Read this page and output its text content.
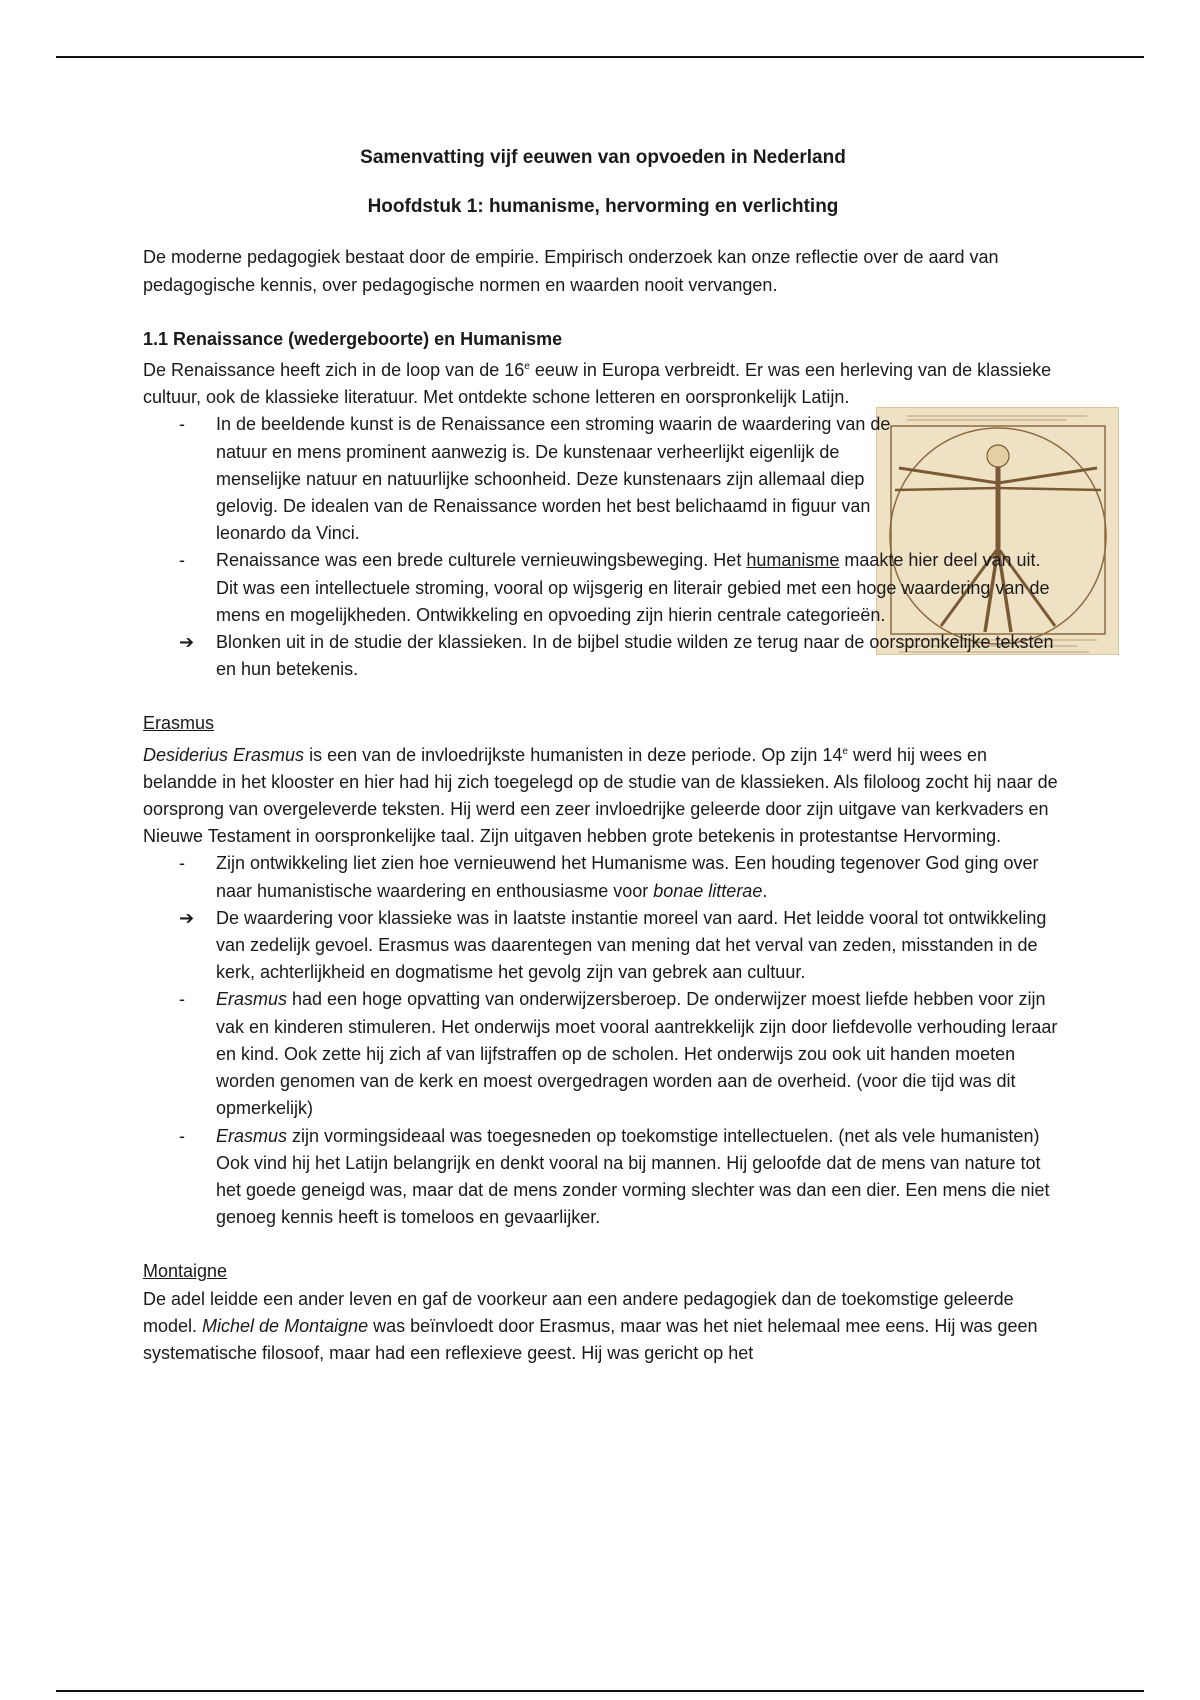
Samenvatting vijf eeuwen van opvoeden in Nederland

Hoofdstuk 1: humanisme, hervorming en verlichting

De moderne pedagogiek bestaat door de empirie. Empirisch onderzoek kan onze reflectie over de aard van pedagogische kennis, over pedagogische normen en waarden nooit vervangen.

1.1 Renaissance (wedergeboorte) en Humanisme

De Renaissance heeft zich in de loop van de 16e eeuw in Europa verbreidt. Er was een herleving van de klassieke cultuur, ook de klassieke literatuur. Met ontdekte schone letteren en oorspronkelijk Latijn.

-
In de beeldende kunst is de Renaissance een stroming waarin de waardering van de natuur en mens prominent aanwezig is. De kunstenaar verheerlijkt eigenlijk de menselijke natuur en natuurlijke schoonheid. Deze kunstenaars zijn allemaal diep gelovig. De idealen van de Renaissance worden het best belichaamd in figuur van leonardo da Vinci.
-
Renaissance was een brede culturele vernieuwingsbeweging. Het humanisme maakte hier deel van uit. Dit was een intellectuele stroming, vooral op wijsgerig en literair gebied met een hoge waardering van de mens en mogelijkheden. Ontwikkeling en opvoeding zijn hierin centrale categorieën.
➔	Blonken uit in de studie der klassieken. In de bijbel studie wilden ze terug naar de oorspronkelijke teksten en hun betekenis.

Erasmus

Desiderius Erasmus is een van de invloedrijkste humanisten in deze periode. Op zijn 14e werd hij wees en belandde in het klooster en hier had hij zich toegelegd op de studie van de klassieken. Als filoloog zocht hij naar de oorsprong van overgeleverde teksten. Hij werd een zeer invloedrijke geleerde door zijn uitgave van kerkvaders en Nieuwe Testament in oorspronkelijke taal. Zijn uitgaven hebben grote betekenis in protestantse Hervorming.

-
Zijn ontwikkeling liet zien hoe vernieuwend het Humanisme was. Een houding tegenover God ging over naar humanistische waardering en enthousiasme voor bonae litterae.
➔	De waardering voor klassieke was in laatste instantie moreel van aard. Het leidde vooral tot ontwikkeling van zedelijk gevoel. Erasmus was daarentegen van mening dat het verval van zeden, misstanden in de kerk, achterlijkheid en dogmatisme het gevolg zijn van gebrek aan cultuur.
-
Erasmus had een hoge opvatting van onderwijzersberoep. De onderwijzer moest liefde hebben voor zijn vak en kinderen stimuleren. Het onderwijs moet vooral aantrekkelijk zijn door liefdevolle verhouding leraar en kind. Ook zette hij zich af van lijfstraffen op de scholen. Het onderwijs zou ook uit handen moeten worden genomen van de kerk en moest overgedragen worden aan de overheid. (voor die tijd was dit opmerkelijk)
-
Erasmus zijn vormingsideaal was toegesneden op toekomstige intellectuelen. (net als vele humanisten) Ook vind hij het Latijn belangrijk en denkt vooral na bij mannen. Hij geloofde dat de mens van nature tot het goede geneigd was, maar dat de mens zonder vorming slechter was dan een dier. Een mens die niet genoeg kennis heeft is tomeloos en gevaarlijker.

Montaigne

De adel leidde een ander leven en gaf de voorkeur aan een andere pedagogiek dan de toekomstige geleerde model. Michel de Montaigne was beïnvloedt door Erasmus, maar was het niet helemaal mee eens. Hij was geen systematische filosoof, maar had een reflexieve geest. Hij was gericht op het
